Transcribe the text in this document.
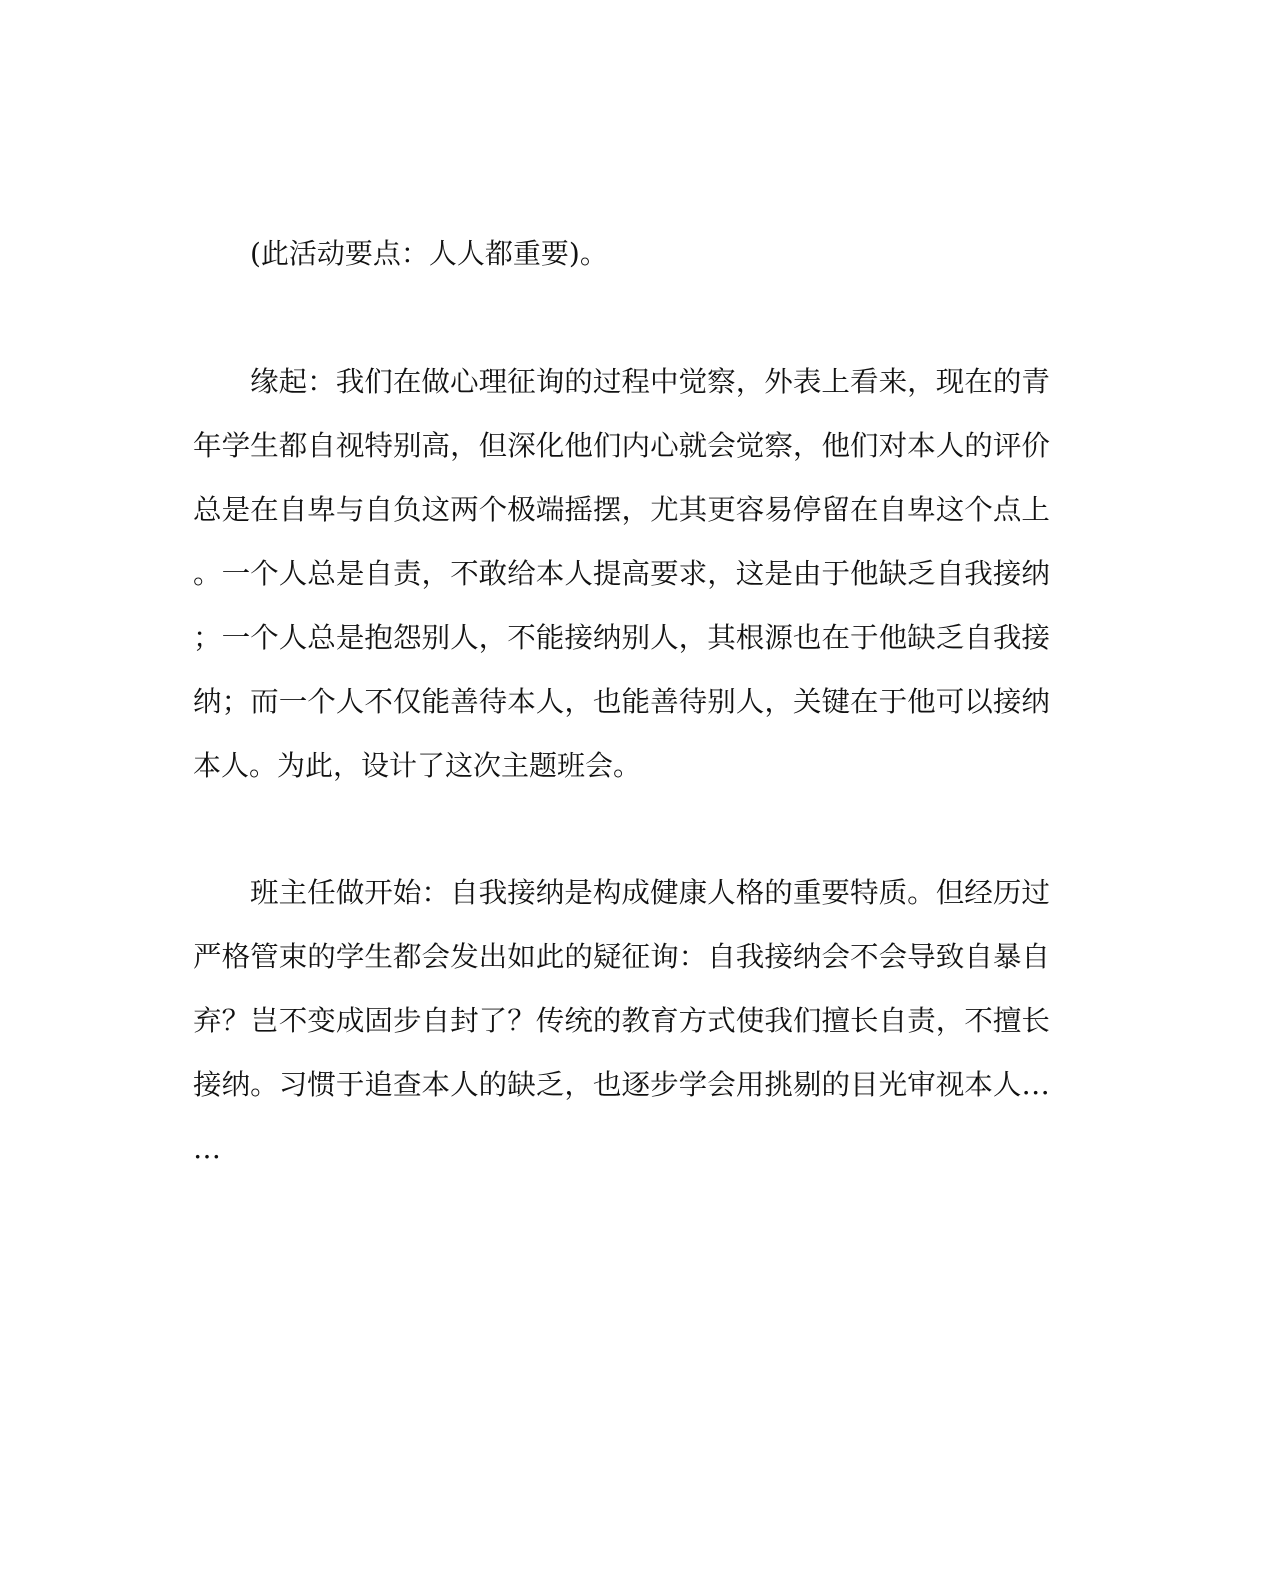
(此活动要点：人人都重要)。

缘起：我们在做心理征询的过程中觉察，外表上看来，现在的青

年学生都自视特别高，但深化他们内心就会觉察，他们对本人的评价

总是在自卑与自负这两个极端摇摆，尤其更容易停留在自卑这个点上

。一个人总是自责，不敢给本人提高要求，这是由于他缺乏自我接纳

；一个人总是抱怨别人，不能接纳别人，其根源也在于他缺乏自我接

纳；而一个人不仅能善待本人，也能善待别人，关键在于他可以接纳

本人。为此，设计了这次主题班会。

班主任做开始：自我接纳是构成健康人格的重要特质。但经历过

严格管束的学生都会发出如此的疑征询：自我接纳会不会导致自暴自

弃？岂不变成固步自封了？传统的教育方式使我们擅长自责，不擅长

接纳。习惯于追查本人的缺乏，也逐步学会用挑剔的目光审视本人…

…
